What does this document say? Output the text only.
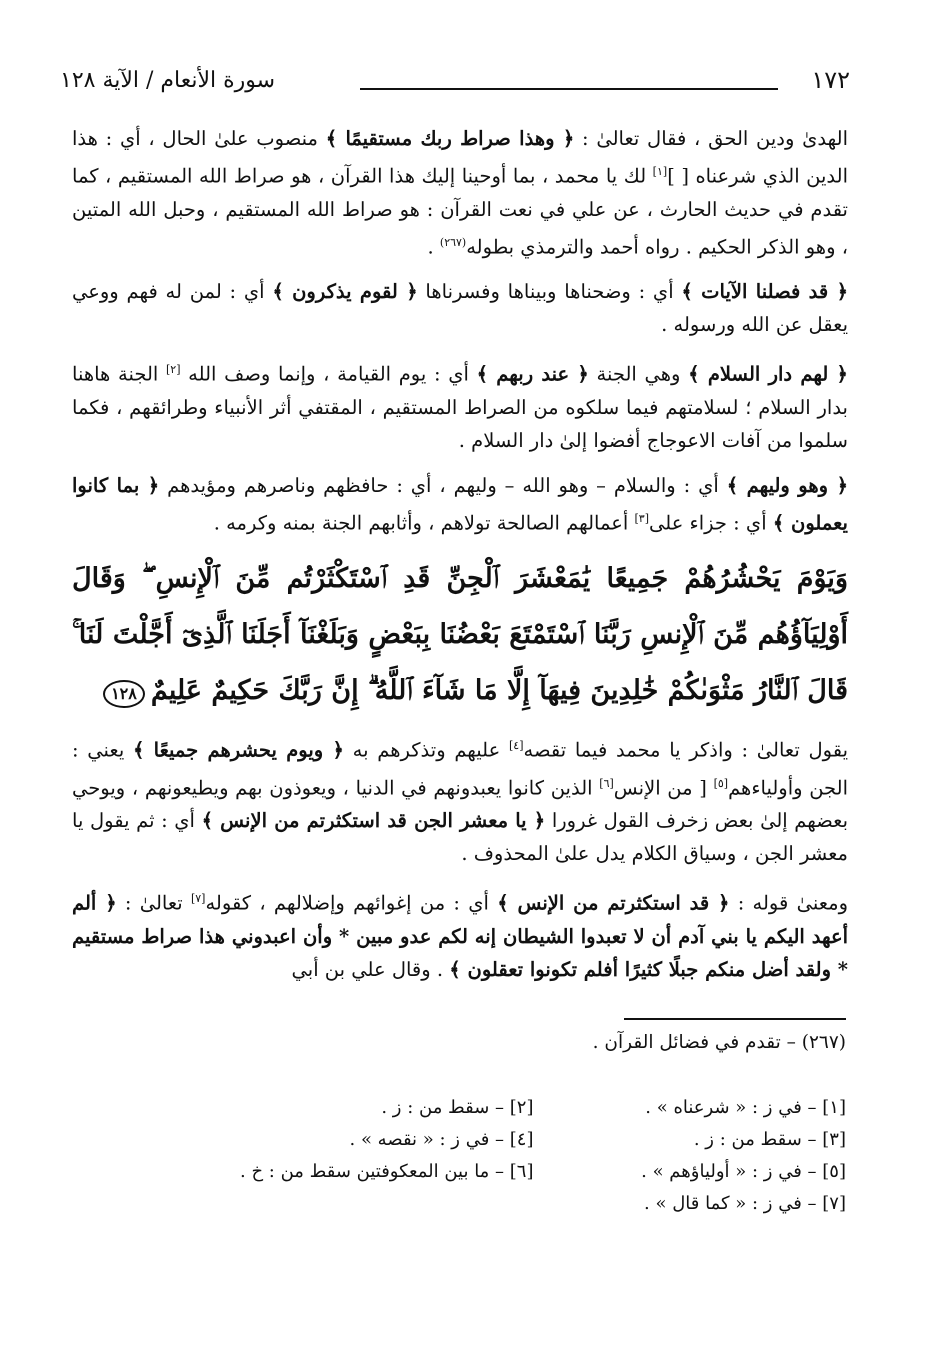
١٧٢
سورة الأنعام / الآية ١٢٨

الهدىٰ ودين الحق ، فقال تعالىٰ : ﴿ وهذا صراط ربك مستقيمًا ﴾ منصوب علىٰ الحال ، أي : هذا الدين الذي شرعناه [ ][١] لك يا محمد ، بما أوحينا إليك هذا القرآن ، هو صراط الله المستقيم ، كما تقدم في حديث الحارث ، عن علي في نعت القرآن : هو صراط الله المستقيم ، وحبل الله المتين ، وهو الذكر الحكيم . رواه أحمد والترمذي بطوله$^{(٢٦٧)}$ .

﴿ قد فصلنا الآيات ﴾ أي : وضحناها وبيناها وفسرناها ﴿ لقوم يذكرون ﴾ أي : لمن له فهم ووعي يعقل عن الله ورسوله .

﴿ لهم دار السلام ﴾ وهي الجنة ﴿ عند ربهم ﴾ أي : يوم القيامة ، وإنما وصف الله [٢] الجنة هاهنا بدار السلام ؛ لسلامتهم فيما سلكوه من الصراط المستقيم ، المقتفي أثر الأنبياء وطرائقهم ، فكما سلموا من آفات الاعوجاج أفضوا إلىٰ دار السلام .

﴿ وهو وليهم ﴾ أي : والسلام – وهو الله – وليهم ، أي : حافظهم وناصرهم ومؤيدهم ﴿ بما كانوا يعملون ﴾ أي : جزاء على[٣] أعمالهم الصالحة تولاهم ، وأثابهم الجنة بمنه وكرمه .

وَيَوْمَ يَحْشُرُهُمْ جَمِيعًا يَٰمَعْشَرَ ٱلْجِنِّ قَدِ ٱسْتَكْثَرْتُم مِّنَ ٱلْإِنسِ ۖ وَقَالَ أَوْلِيَآؤُهُم مِّنَ ٱلْإِنسِ رَبَّنَا ٱسْتَمْتَعَ بَعْضُنَا بِبَعْضٍ وَبَلَغْنَآ أَجَلَنَا ٱلَّذِىٓ أَجَّلْتَ لَنَا ۚ قَالَ ٱلنَّارُ مَثْوَىٰكُمْ خَٰلِدِينَ فِيهَآ إِلَّا مَا شَآءَ ٱللَّهُ ۗ إِنَّ رَبَّكَ حَكِيمٌ عَلِيمٌ١٢٨

يقول تعالىٰ : واذكر يا محمد فيما تقصه[٤] عليهم وتذكرهم به ﴿ ويوم يحشرهم جميعًا ﴾ يعني : الجن وأولياءهم[٥] [ من الإنس[٦] الذين كانوا يعبدونهم في الدنيا ، ويعوذون بهم ويطيعونهم ، ويوحي بعضهم إلىٰ بعض زخرف القول غرورا ﴿ يا معشر الجن قد استكثرتم من الإنس ﴾ أي : ثم يقول يا معشر الجن ، وسياق الكلام يدل علىٰ المحذوف .

ومعنىٰ قوله : ﴿ قد استكثرتم من الإنس ﴾ أي : من إغوائهم وإضلالهم ، كقوله[٧] تعالىٰ : ﴿ ألم أعهد اليكم يا بني آدم أن لا تعبدوا الشيطان إنه لكم عدو مبين * وأن اعبدوني هذا صراط مستقيم * ولقد أضل منكم جبلًا كثيرًا أفلم تكونوا تعقلون ﴾ . وقال علي بن أبي

(٢٦٧) – تقدم في فضائل القرآن .
[١] – في ز : « شرعناه » .
[٢] – سقط من : ز .
[٣] – سقط من : ز .
[٤] – في ز : « نقصه » .
[٥] – في ز : « أولياؤهم » .
[٦] – ما بين المعكوفتين سقط من : خ .
[٧] – في ز : « كما قال » .
